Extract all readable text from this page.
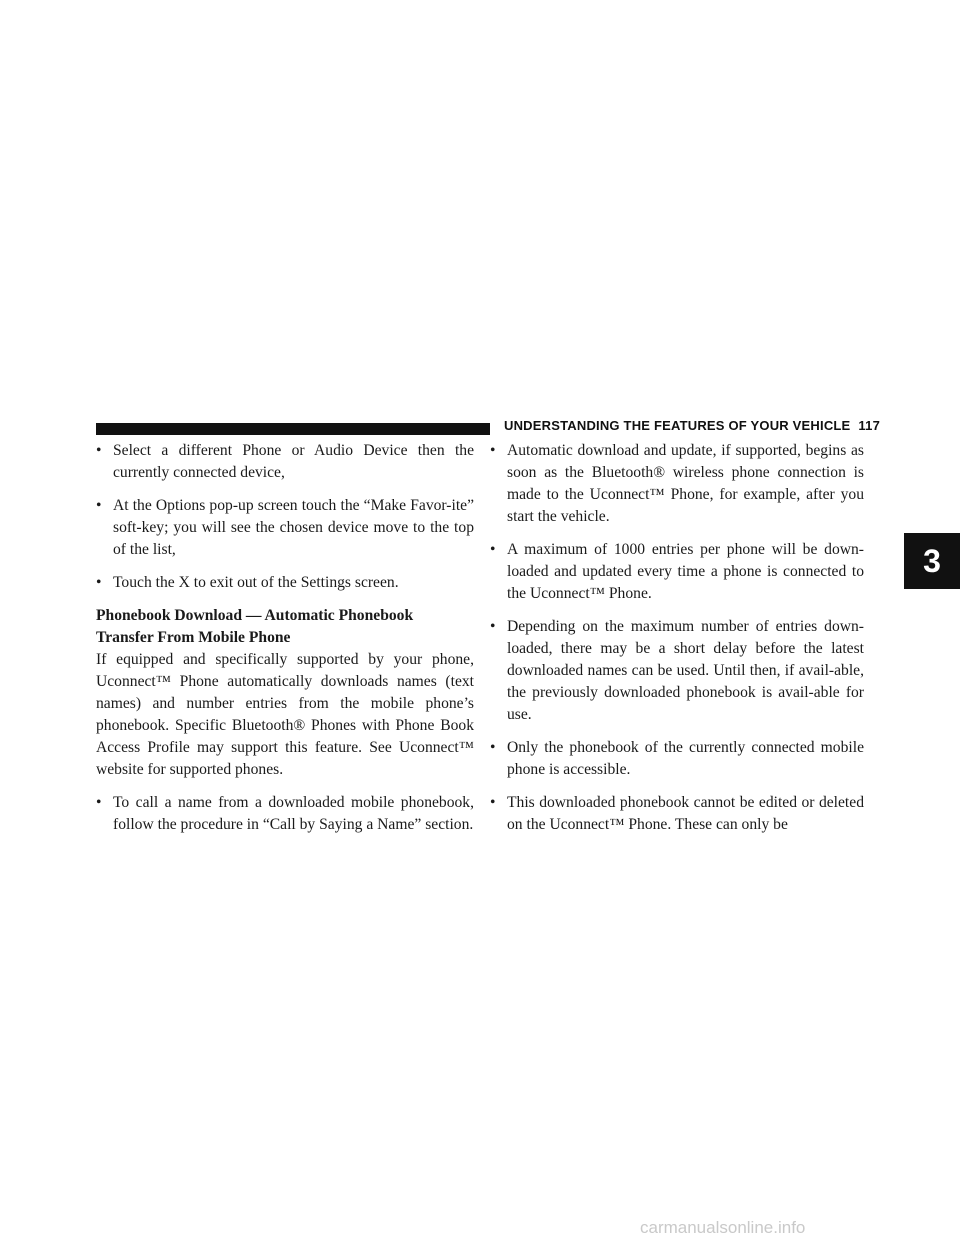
UNDERSTANDING THE FEATURES OF YOUR VEHICLE 117
3
• Select a different Phone or Audio Device then the currently connected device,
• At the Options pop-up screen touch the “Make Favor-ite” soft-key; you will see the chosen device move to the top of the list,
• Touch the X to exit out of the Settings screen.
Phonebook Download — Automatic Phonebook
Transfer From Mobile Phone

If equipped and specifically supported by your phone, Uconnect™ Phone automatically downloads names (text names) and number entries from the mobile phone’s phonebook. Specific Bluetooth® Phones with Phone Book Access Profile may support this feature. See Uconnect™ website for supported phones.

• To call a name from a downloaded mobile phonebook, follow the procedure in “Call by Saying a Name” section.
• Automatic download and update, if supported, begins as soon as the Bluetooth® wireless phone connection is made to the Uconnect™ Phone, for example, after you start the vehicle.
• A maximum of 1000 entries per phone will be down-loaded and updated every time a phone is connected to the Uconnect™ Phone.
• Depending on the maximum number of entries down-loaded, there may be a short delay before the latest downloaded names can be used. Until then, if avail-able, the previously downloaded phonebook is avail-able for use.
• Only the phonebook of the currently connected mobile phone is accessible.
• This downloaded phonebook cannot be edited or deleted on the Uconnect™ Phone. These can only be
carmanualsonline.info
